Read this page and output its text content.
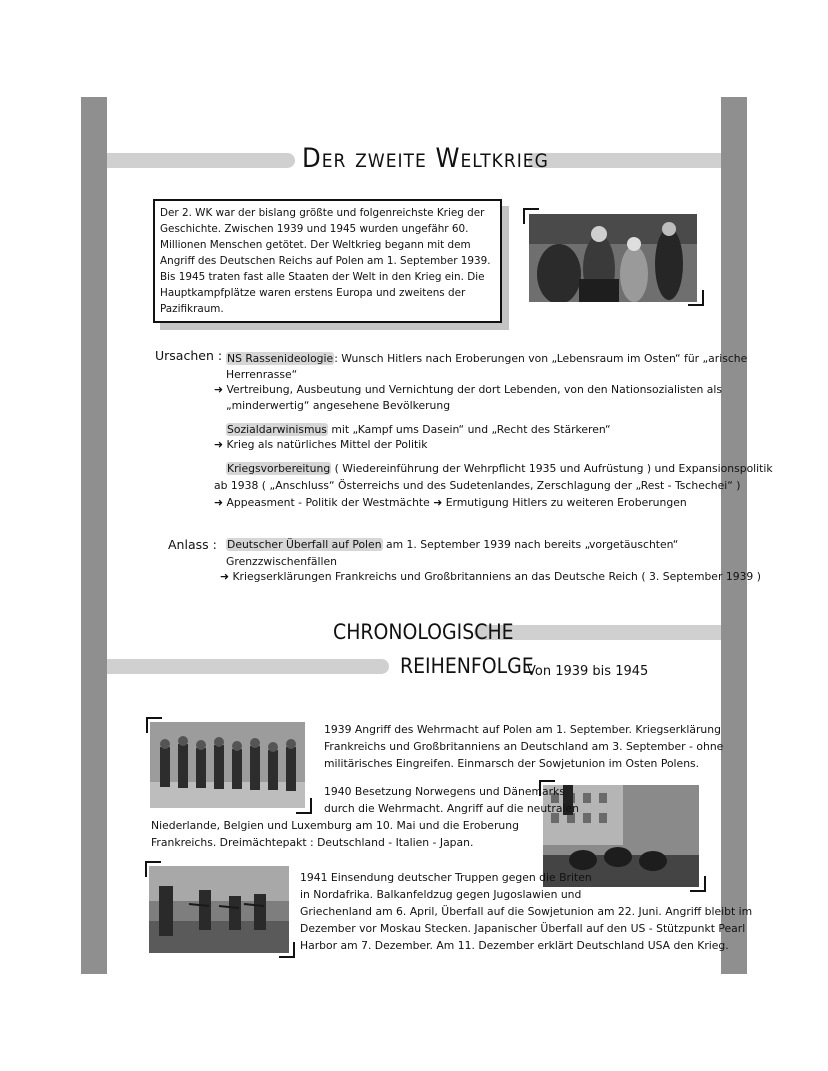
Der zweite Weltkrieg
Der 2. WK war der bislang größte und folgenreichste Krieg der Geschichte. Zwischen 1939 und 1945 wurden ungefähr 60. Millionen Menschen getötet. Der Weltkrieg begann mit dem Angriff des Deutschen Reichs auf Polen am 1. September 1939. Bis 1945 traten fast alle Staaten der Welt in den Krieg ein. Die Hauptkampfplätze waren erstens Europa und zweitens der Pazifikraum.
Ursachen : NS Rassenideologie: Wunsch Hitlers nach Eroberungen von „Lebensraum im Osten“ für „arische
Herrenrasse“
➜ Vertreibung, Ausbeutung und Vernichtung der dort Lebenden, von den Nationsozialisten als
„minderwertig“ angesehene Bevölkerung
Sozialdarwinismus mit „Kampf ums Dasein“ und „Recht des Stärkeren“
➜ Krieg als natürliches Mittel der Politik
Kriegsvorbereitung ( Wiedereinführung der Wehrpflicht 1935 und Aufrüstung ) und Expansionspolitik
ab 1938 ( „Anschluss“ Österreichs und des Sudetenlandes, Zerschlagung der „Rest - Tschechei“ )
➜ Appeasment - Politik der Westmächte ➜ Ermutigung Hitlers zu weiteren Eroberungen
Anlass : Deutscher Überfall auf Polen am 1. September 1939 nach bereits „vorgetäuschten“
Grenzzwischenfällen
➜ Kriegserklärungen Frankreichs und Großbritanniens an das Deutsche Reich ( 3. September 1939 )
CHRONOLOGISCHE
REIHENFOLGE
Von 1939 bis 1945
1939 Angriff des Wehrmacht auf Polen am 1. September. Kriegserklärung
Frankreichs und Großbritanniens an Deutschland am 3. September - ohne
militärisches Eingreifen. Einmarsch der Sowjetunion im Osten Polens.
1940 Besetzung Norwegens und Dänemarks
durch die Wehrmacht. Angriff auf die neutralen
Niederlande, Belgien und Luxemburg am 10. Mai und die Eroberung
Frankreichs. Dreimächtepakt : Deutschland - Italien - Japan.
1941 Einsendung deutscher Truppen gegen die Briten
in Nordafrika. Balkanfeldzug gegen Jugoslawien und
Griechenland am 6. April, Überfall auf die Sowjetunion am 22. Juni. Angriff bleibt im
Dezember vor Moskau Stecken. Japanischer Überfall auf den US - Stützpunkt Pearl
Harbor am 7. Dezember. Am 11. Dezember erklärt Deutschland USA den Krieg.
